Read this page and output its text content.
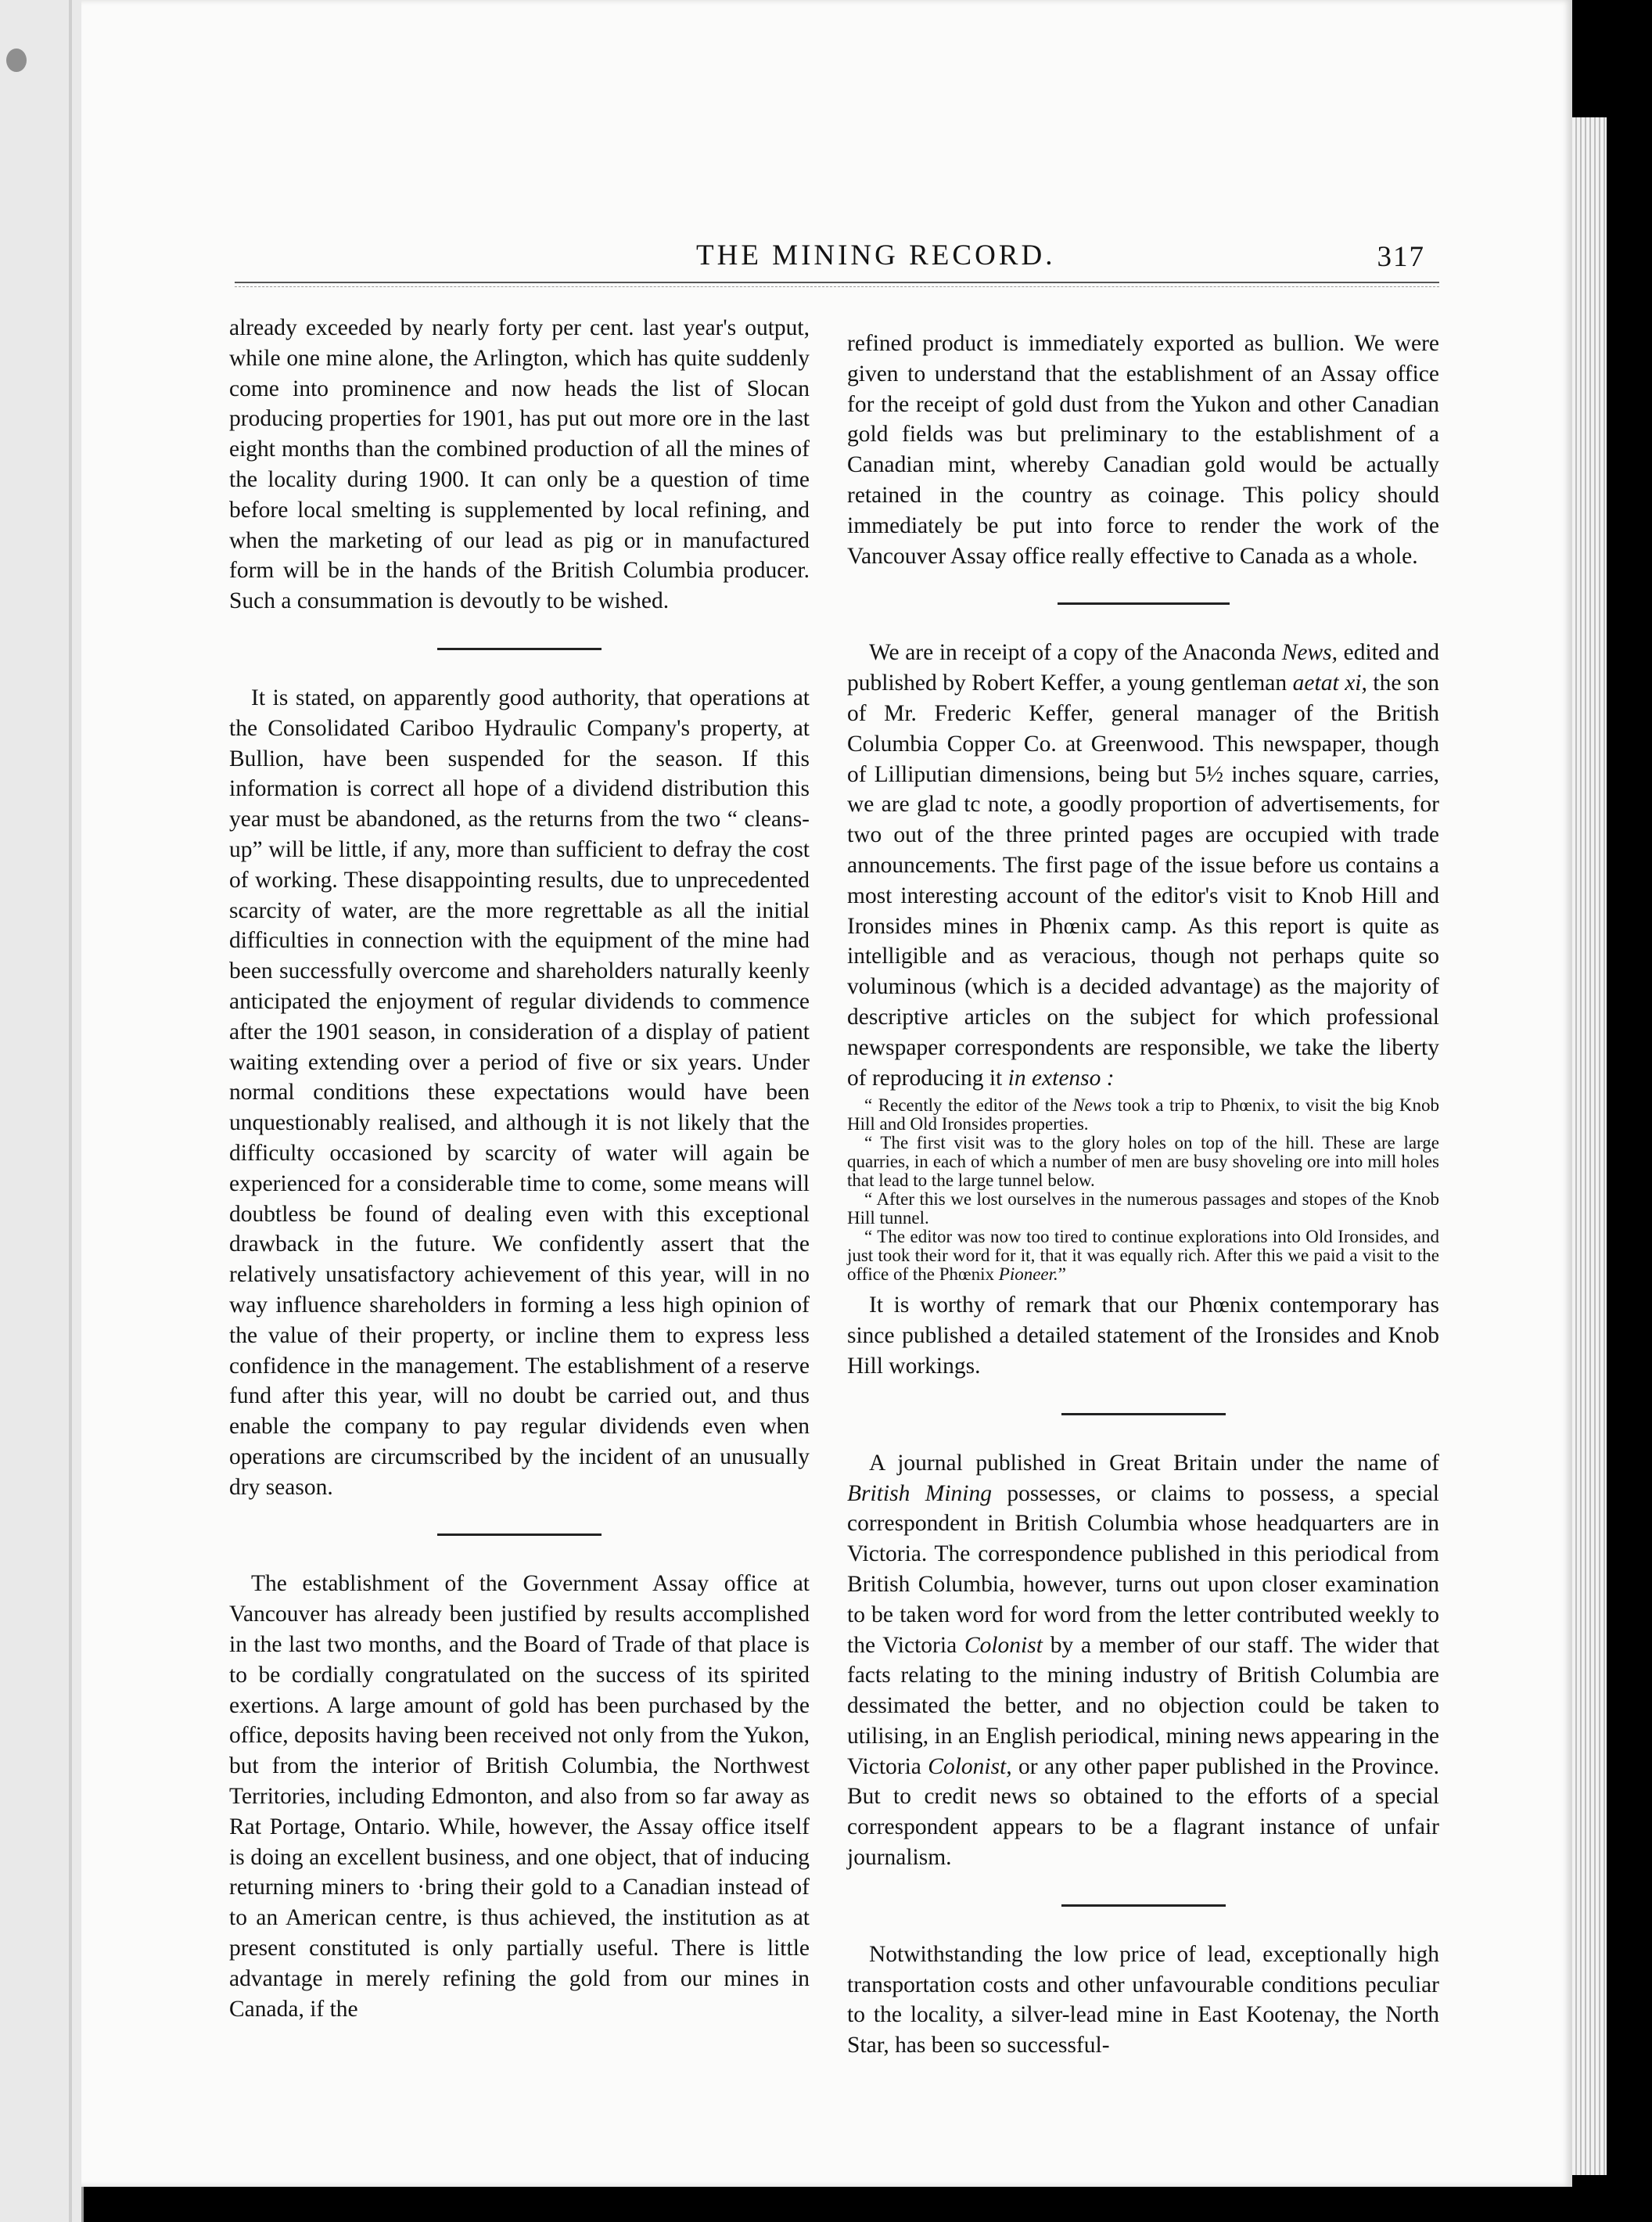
THE MINING RECORD.	317

already exceeded by nearly forty per cent. last year's output, while one mine alone, the Arlington, which has quite suddenly come into prominence and now heads the list of Slocan producing properties for 1901, has put out more ore in the last eight months than the combined production of all the mines of the locality during 1900. It can only be a question of time before local smelting is supplemented by local refining, and when the marketing of our lead as pig or in manufactured form will be in the hands of the British Columbia producer. Such a consummation is devoutly to be wished.

It is stated, on apparently good authority, that operations at the Consolidated Cariboo Hydraulic Company's property, at Bullion, have been suspended for the season. If this information is correct all hope of a dividend distribution this year must be abandoned, as the returns from the two “ cleans-up” will be little, if any, more than sufficient to defray the cost of working. These disappointing results, due to unprecedented scarcity of water, are the more regrettable as all the initial difficulties in connection with the equipment of the mine had been successfully overcome and shareholders naturally keenly anticipated the enjoyment of regular dividends to commence after the 1901 season, in consideration of a display of patient waiting extending over a period of five or six years. Under normal conditions these expectations would have been unquestionably realised, and although it is not likely that the difficulty occasioned by scarcity of water will again be experienced for a considerable time to come, some means will doubtless be found of dealing even with this exceptional drawback in the future. We confidently assert that the relatively unsatisfactory achievement of this year, will in no way influence shareholders in forming a less high opinion of the value of their property, or incline them to express less confidence in the management. The establishment of a reserve fund after this year, will no doubt be carried out, and thus enable the company to pay regular dividends even when operations are circumscribed by the incident of an unusually dry season.

The establishment of the Government Assay office at Vancouver has already been justified by results accomplished in the last two months, and the Board of Trade of that place is to be cordially congratulated on the success of its spirited exertions. A large amount of gold has been purchased by the office, deposits having been received not only from the Yukon, but from the interior of British Columbia, the Northwest Territories, including Edmonton, and also from so far away as Rat Portage, Ontario. While, however, the Assay office itself is doing an excellent business, and one object, that of inducing returning miners to ·bring their gold to a Canadian instead of to an American centre, is thus achieved, the institution as at present constituted is only partially useful. There is little advantage in merely refining the gold from our mines in Canada, if the

refined product is immediately exported as bullion. We were given to understand that the establishment of an Assay office for the receipt of gold dust from the Yukon and other Canadian gold fields was but preliminary to the establishment of a Canadian mint, whereby Canadian gold would be actually retained in the country as coinage. This policy should immediately be put into force to render the work of the Vancouver Assay office really effective to Canada as a whole.

We are in receipt of a copy of the Anaconda News, edited and published by Robert Keffer, a young gentleman aetat xi, the son of Mr. Frederic Keffer, general manager of the British Columbia Copper Co. at Greenwood. This newspaper, though of Lilliputian dimensions, being but 5½ inches square, carries, we are glad tc note, a goodly proportion of advertisements, for two out of the three printed pages are occupied with trade announcements. The first page of the issue before us contains a most interesting account of the editor's visit to Knob Hill and Ironsides mines in Phœnix camp. As this report is quite as intelligible and as veracious, though not perhaps quite so voluminous (which is a decided advantage) as the majority of descriptive articles on the subject for which professional newspaper correspondents are responsible, we take the liberty of reproducing it in extenso :

“ Recently the editor of the News took a trip to Phœnix, to visit the big Knob Hill and Old Ironsides properties.

“ The first visit was to the glory holes on top of the hill. These are large quarries, in each of which a number of men are busy shoveling ore into mill holes that lead to the large tunnel below.

“ After this we lost ourselves in the numerous passages and stopes of the Knob Hill tunnel.

“ The editor was now too tired to continue explorations into Old Ironsides, and just took their word for it, that it was equally rich. After this we paid a visit to the office of the Phœnix Pioneer.”

It is worthy of remark that our Phœnix contemporary has since published a detailed statement of the Ironsides and Knob Hill workings.

A journal published in Great Britain under the name of British Mining possesses, or claims to possess, a special correspondent in British Columbia whose headquarters are in Victoria. The correspondence published in this periodical from British Columbia, however, turns out upon closer examination to be taken word for word from the letter contributed weekly to the Victoria Colonist by a member of our staff. The wider that facts relating to the mining industry of British Columbia are dessimated the better, and no objection could be taken to utilising, in an English periodical, mining news appearing in the Victoria Colonist, or any other paper published in the Province. But to credit news so obtained to the efforts of a special correspondent appears to be a flagrant instance of unfair journalism.

Notwithstanding the low price of lead, exceptionally high transportation costs and other unfavourable conditions peculiar to the locality, a silver-lead mine in East Kootenay, the North Star, has been so successful-
